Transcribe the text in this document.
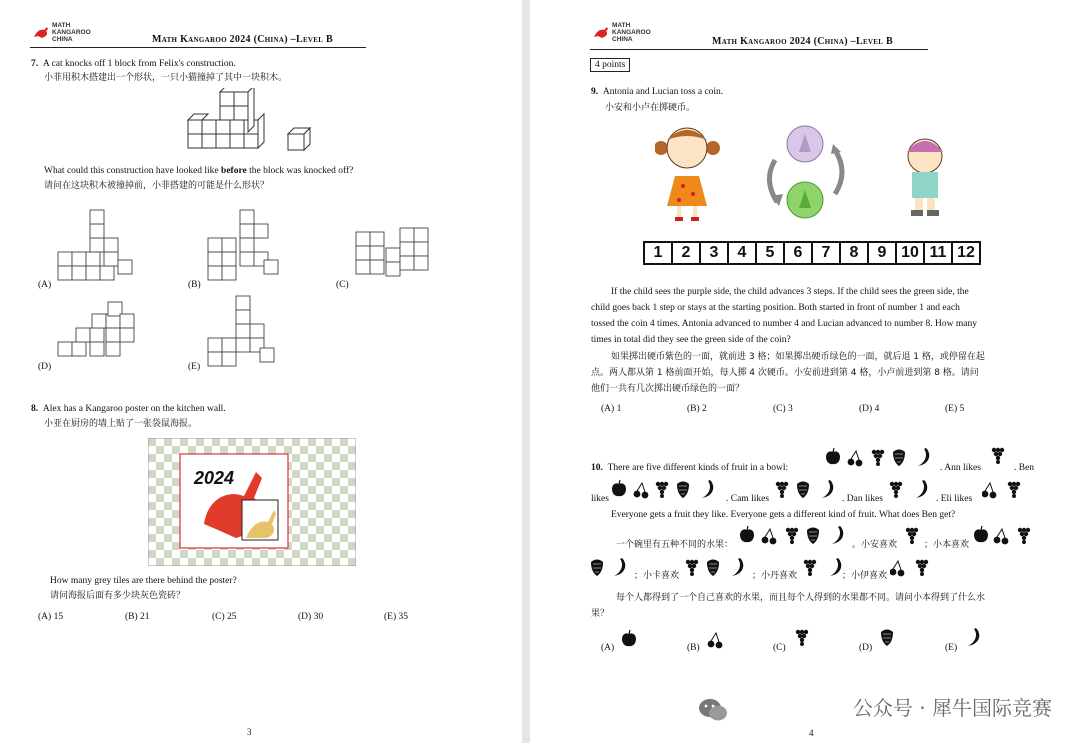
MATH
KANGAROO
CHINA	Math Kangaroo 2024 (China) –Level B
7. A cat knocks off 1 block from Felix's construction.
小菲用积木搭建出一个形状，一只小猫撞掉了其中一块积木。
What could this construction have looked like before the block was knocked off?
请问在这块积木被撞掉前，小菲搭建的可能是什么形状？
(A)	(B)	(C)
(D)	(E)
8. Alex has a Kangaroo poster on the kitchen wall.
小亚在厨房的墙上贴了一张袋鼠海报。
2024
How many grey tiles are there behind the poster?
请问海报后面有多少块灰色瓷砖？
(A) 15	(B) 21	(C) 25	(D) 30	(E) 35
3
MATH
KANGAROO
CHINA	Math Kangaroo 2024 (China) –Level B
4 points
9. Antonia and Lucian toss a coin.
小安和小卢在掷硬币。
1	2	3	4	5	6	7	8	9 10 11 12
If the child sees the purple side, the child advances 3 steps. If the child sees the green side, the
child goes back 1 step or stays at the starting position. Both started in front of number 1 and each
tossed the coin 4 times. Antonia advanced to number 4 and Lucian advanced to number 8. How many
times in total did they see the green side of the coin?
如果掷出硬币紫色的一面，就前进 3 格；如果掷出硬币绿色的一面，就后退 1 格，或停留在起
点。两人都从第 1 格前面开始，每人掷 4 次硬币。小安前进到第 4 格，小卢前进到第 8 格。请问
他们一共有几次掷出硬币绿色的一面？
(A) 1	(B) 2	(C) 3	(D) 4	(E) 5
10. There are five different kinds of fruit in a bowl:	. Ann likes	. Ben
likes	. Cam likes	. Dan likes	. Eli likes
Everyone gets a fruit they like. Everyone gets a different kind of fruit. What does Ben get?
一个碗里有五种不同的水果：	。小安喜欢	；小本喜欢
；小卡喜欢	；小丹喜欢	；小伊喜欢
每个人都得到了一个自己喜欢的水果，而且每个人得到的水果都不同。请问小本得到了什么水
果？
(A)	(B)	(C)	(D)	(E)
4
公众号 · 犀牛国际竞赛
